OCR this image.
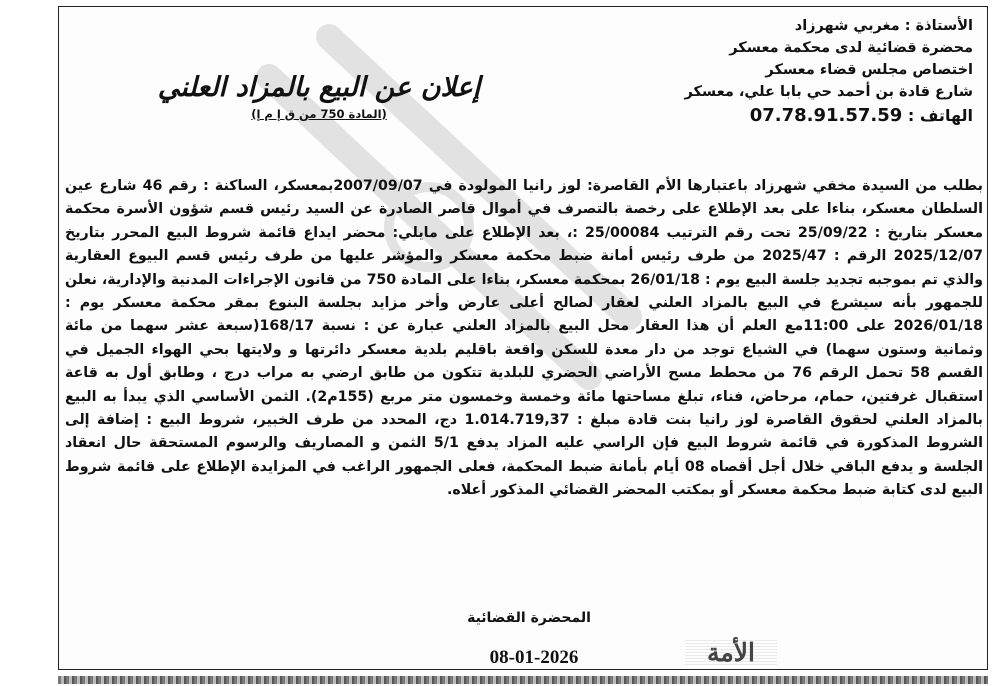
الأستاذة : مغربي شهرزاد
محضرة قضائية لدى محكمة معسكر
اختصاص مجلس قضاء معسكر
شارع قادة بن أحمد حي بابا علي، معسكر
الهاتف : 07.78.91.57.59
إعلان عن البيع بالمزاد العلني
(المادة 750 من ق إ م إ)
بطلب من السيدة مخفي شهرزاد باعتبارها الأم القاصرة: لوز رانيا المولودة في 2007/09/07بمعسكر، الساكنة : رقم 46 شارع عين السلطان معسكر، بناءا على بعد الإطلاع على رخصة بالتصرف في أموال قاصر الصادرة عن السيد رئيس قسم شؤون الأسرة محكمة معسكر بتاريخ : 25/09/22 تحت رقم الترتيب 25/00084 :، بعد الإطلاع على مايلي: محضر ايداع قائمة شروط البيع المحرر بتاريخ 2025/12/07 الرقم : 2025/47 من طرف رئيس أمانة ضبط محكمة معسكر والمؤشر عليها من طرف رئيس قسم البيوع العقارية والذي تم بموجبه تجديد جلسة البيع يوم : 26/01/18 بمحكمة معسكر، بناءا على المادة 750 من قانون الإجراءات المدنية والإدارية، نعلن للجمهور بأنه سيشرع في البيع بالمزاد العلني لعقار لصالح أعلى عارض وأخر مزايد بجلسة البنوع بمقر محكمة معسكر يوم : 2026/01/18 على 11:00مع العلم أن هذا العقار محل البيع بالمزاد العلني عبارة عن : نسبة 168/17(سبعة عشر سهما من مائة وثمانية وستون سهما) في الشياع توجد من دار معدة للسكن واقعة باقليم بلدية معسكر دائرتها و ولايتها بحي الهواء الجميل في القسم 58 تحمل الرقم 76 من محطط مسح الأراضي الحضري للبلدية تتكون من طابق ارضي به مراب درج ، وطابق أول به قاعة استقبال غرفتين، حمام، مرحاض، فناء، تبلغ مساحتها مائة وخمسة وخمسون متر مربع (155م2). الثمن الأساسي الذي يبدأ به البيع بالمزاد العلني لحقوق القاصرة لوز رانيا بنت قادة مبلغ : 1.014.719,37 دج، المحدد من طرف الخبير، شروط البيع : إضافة إلى الشروط المذكورة في قائمة شروط البيع فإن الراسي عليه المزاد يدفع 5/1 الثمن و المصاريف والرسوم المستحقة حال انعقاد الجلسة و يدفع الباقي خلال أجل أقصاه 08 أيام بأمانة ضبط المحكمة، فعلى الجمهور الراغب في المزايدة الإطلاع على قائمة شروط البيع لدى كتابة ضبط محكمة معسكر أو بمكتب المحضر القضائي المذكور أعلاه.
المحضرة القضائية
الأمة
08-01-2026
